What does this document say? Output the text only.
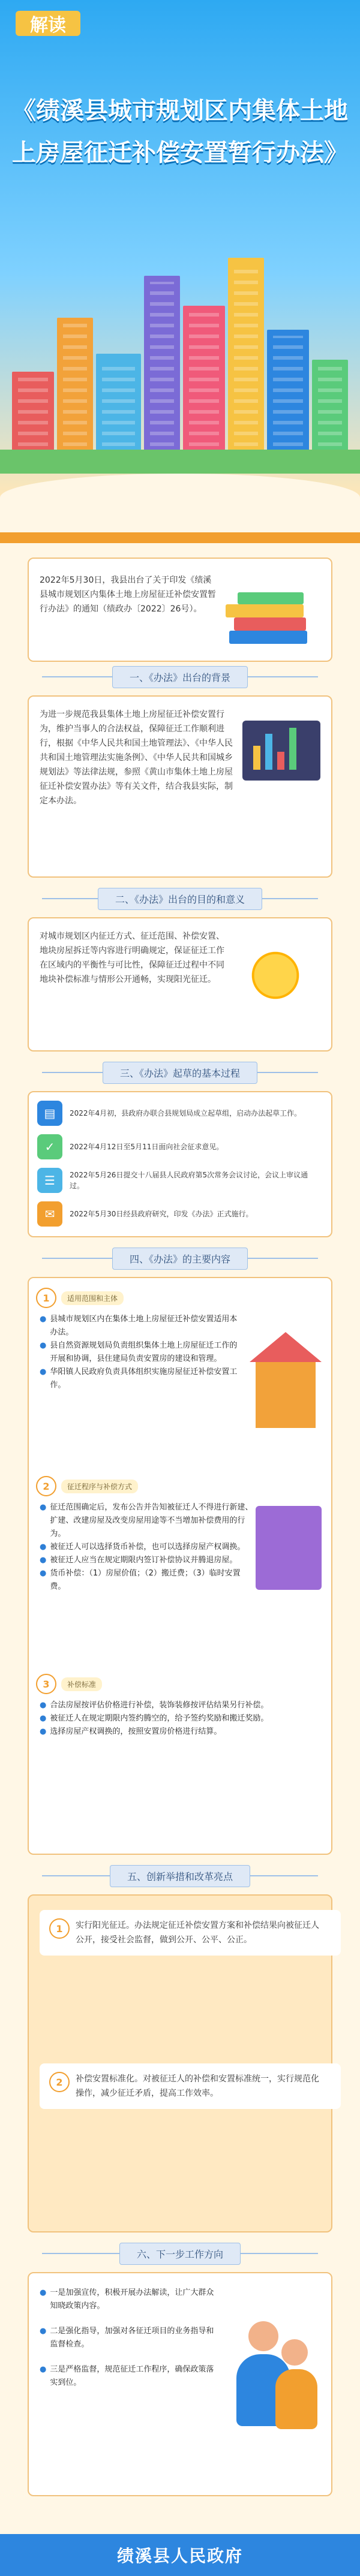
解读
《绩溪县城市规划区内集体土地
上房屋征迁补偿安置暂行办法》
2022年5月30日，我县出台了关于印发《绩溪县城市规划区内集体土地上房屋征迁补偿安置暂行办法》的通知（绩政办〔2022〕26号）。
一、《办法》出台的背景
为进一步规范我县集体土地上房屋征迁补偿安置行为，维护当事人的合法权益，保障征迁工作顺利进行，根据《中华人民共和国土地管理法》、《中华人民共和国土地管理法实施条例》、《中华人民共和国城乡规划法》等法律法规，参照《黄山市集体土地上房屋征迁补偿安置办法》等有关文件，结合我县实际，制定本办法。
二、《办法》出台的目的和意义
对城市规划区内征迁方式、征迁范围、补偿安置、地块房屋拆迁等内容进行明确规定，保证征迁工作在区域内的平衡性与可比性，保障征迁过程中不同地块补偿标准与情形公开通畅，实现阳光征迁。
三、《办法》起草的基本过程
▤	2022年4月初，县政府办联合县规划局成立起草组，启动办法起草工作。
✓	2022年4月12日至5月11日面向社会征求意见。
☰	2022年5月26日提交十八届县人民政府第5次常务会议讨论，会议上审议通过。
✉	2022年5月30日经县政府研究，印发《办法》正式施行。
四、《办法》的主要内容
1	适用范围和主体
● 县城市规划区内在集体土地上房屋征迁补偿安置适用本办法。
● 县自然资源规划局负责组织集体土地上房屋征迁工作的开展和协调，县住建局负责安置房的建设和管理。
● 华阳镇人民政府负责具体组织实施房屋征迁补偿安置工作。
2	征迁程序与补偿方式
● 征迁范围确定后，发布公告并告知被征迁人不得进行新建、扩建、改建房屋及改变房屋用途等不当增加补偿费用的行为。
● 被征迁人可以选择货币补偿，也可以选择房屋产权调换。
● 被征迁人应当在规定期限内签订补偿协议并腾退房屋。
● 货币补偿：（1）房屋价值；（2）搬迁费；（3）临时安置费。
3	补偿标准
● 合法房屋按评估价格进行补偿，装饰装修按评估结果另行补偿。
● 被征迁人在规定期限内签约腾空的，给予签约奖励和搬迁奖励。
● 选择房屋产权调换的，按照安置房价格进行结算。
五、创新举措和改革亮点
1	实行阳光征迁。办法规定征迁补偿安置方案和补偿结果向被征迁人公开，接受社会监督，做到公开、公平、公正。
2	补偿安置标准化。对被征迁人的补偿和安置标准统一，实行规范化操作，减少征迁矛盾，提高工作效率。
六、下一步工作方向
● 一是加强宣传，积极开展办法解读，让广大群众知晓政策内容。
● 二是强化指导，加强对各征迁项目的业务指导和监督检查。
● 三是严格监督，规范征迁工作程序，确保政策落实到位。
绩溪县人民政府
